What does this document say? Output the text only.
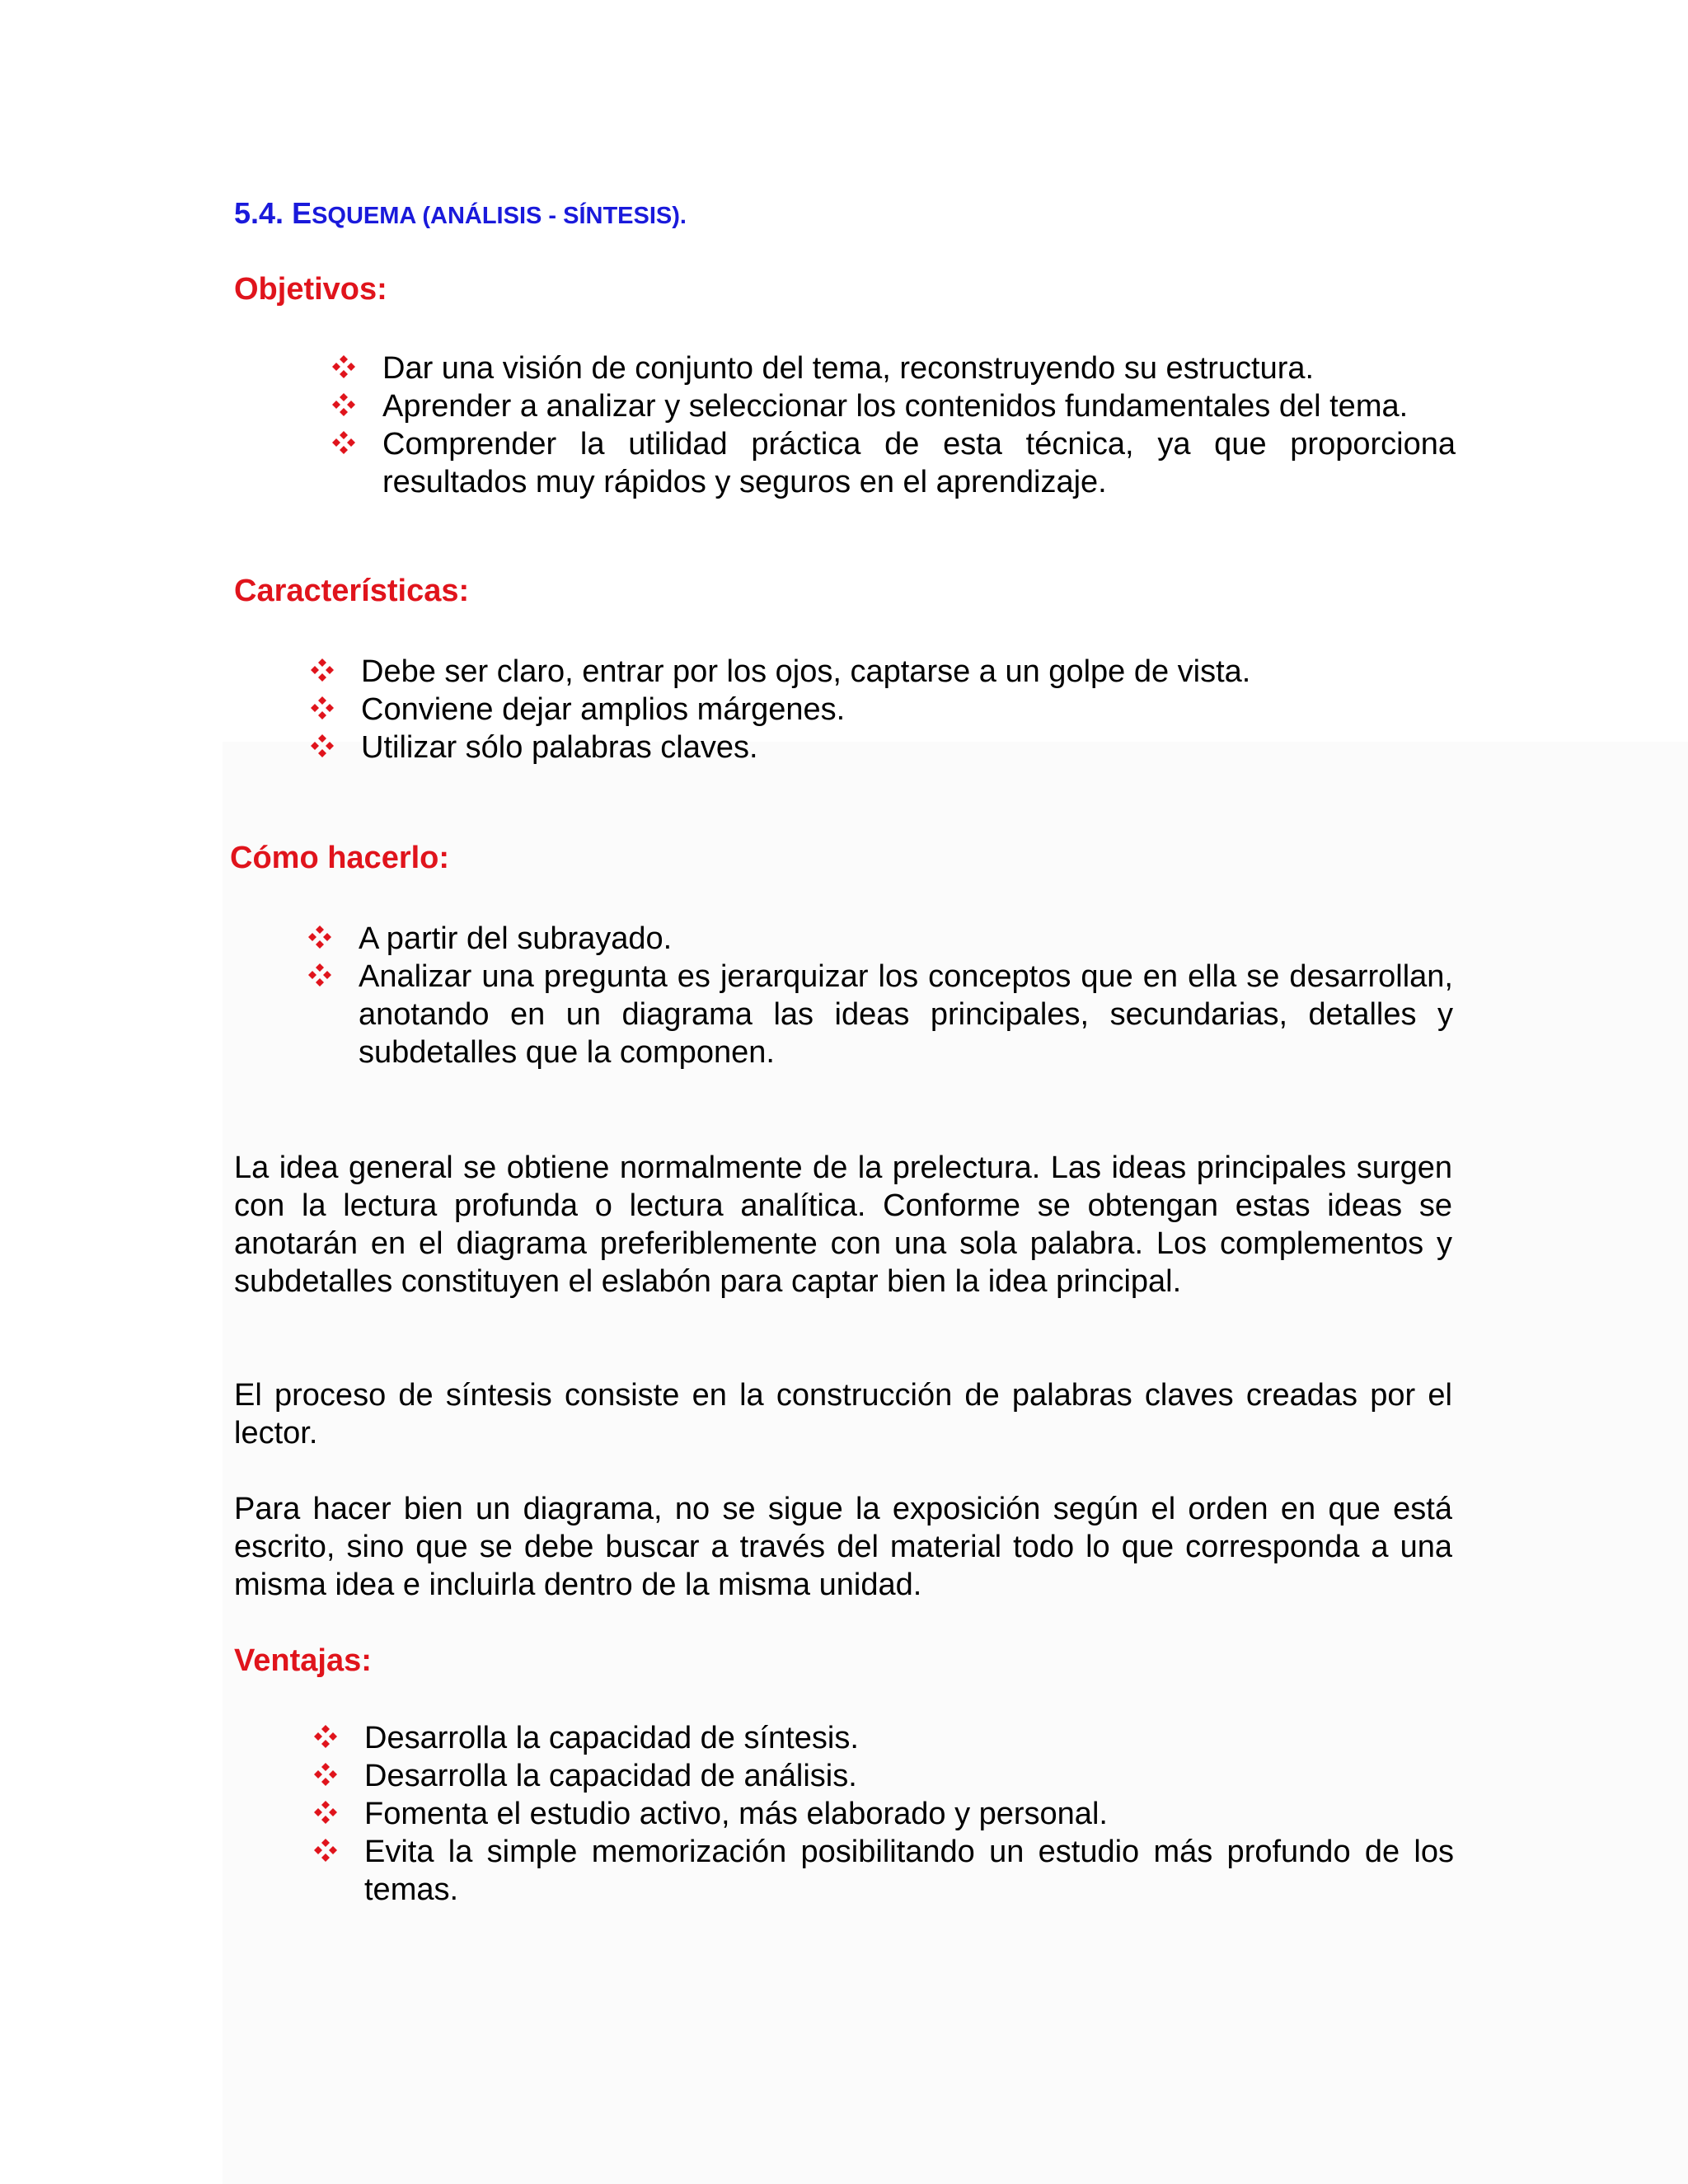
5.4. ESQUEMA (ANÁLISIS - SÍNTESIS).
Objetivos:
Dar una visión de conjunto del tema, reconstruyendo su estructura.
Aprender a analizar y seleccionar los contenidos fundamentales del tema.
Comprender la utilidad práctica de esta técnica, ya que proporciona resultados muy rápidos y seguros en el aprendizaje.
Características:
Debe ser claro, entrar por los ojos, captarse a un golpe de vista.
Conviene dejar amplios márgenes.
Utilizar sólo palabras claves.
Cómo hacerlo:
A partir del subrayado.
Analizar una pregunta es jerarquizar los conceptos que en ella se desarrollan, anotando en un diagrama las ideas principales, secundarias, detalles y subdetalles que la componen.

La idea general se obtiene normalmente de la prelectura. Las ideas principales surgen con la lectura profunda o lectura analítica. Conforme se obtengan estas ideas se anotarán en el diagrama preferiblemente con una sola palabra. Los complementos y subdetalles constituyen el eslabón para captar bien la idea principal.

El proceso de síntesis consiste en la construcción de palabras claves creadas por el lector.

Para hacer bien un diagrama, no se sigue la exposición según el orden en que está escrito, sino que se debe buscar a través del material todo lo que corresponda a una misma idea e incluirla dentro de la misma unidad.

Ventajas:
Desarrolla la capacidad de síntesis.
Desarrolla la capacidad de análisis.
Fomenta el estudio activo, más elaborado y personal.
Evita la simple memorización posibilitando un estudio más profundo de los temas.
